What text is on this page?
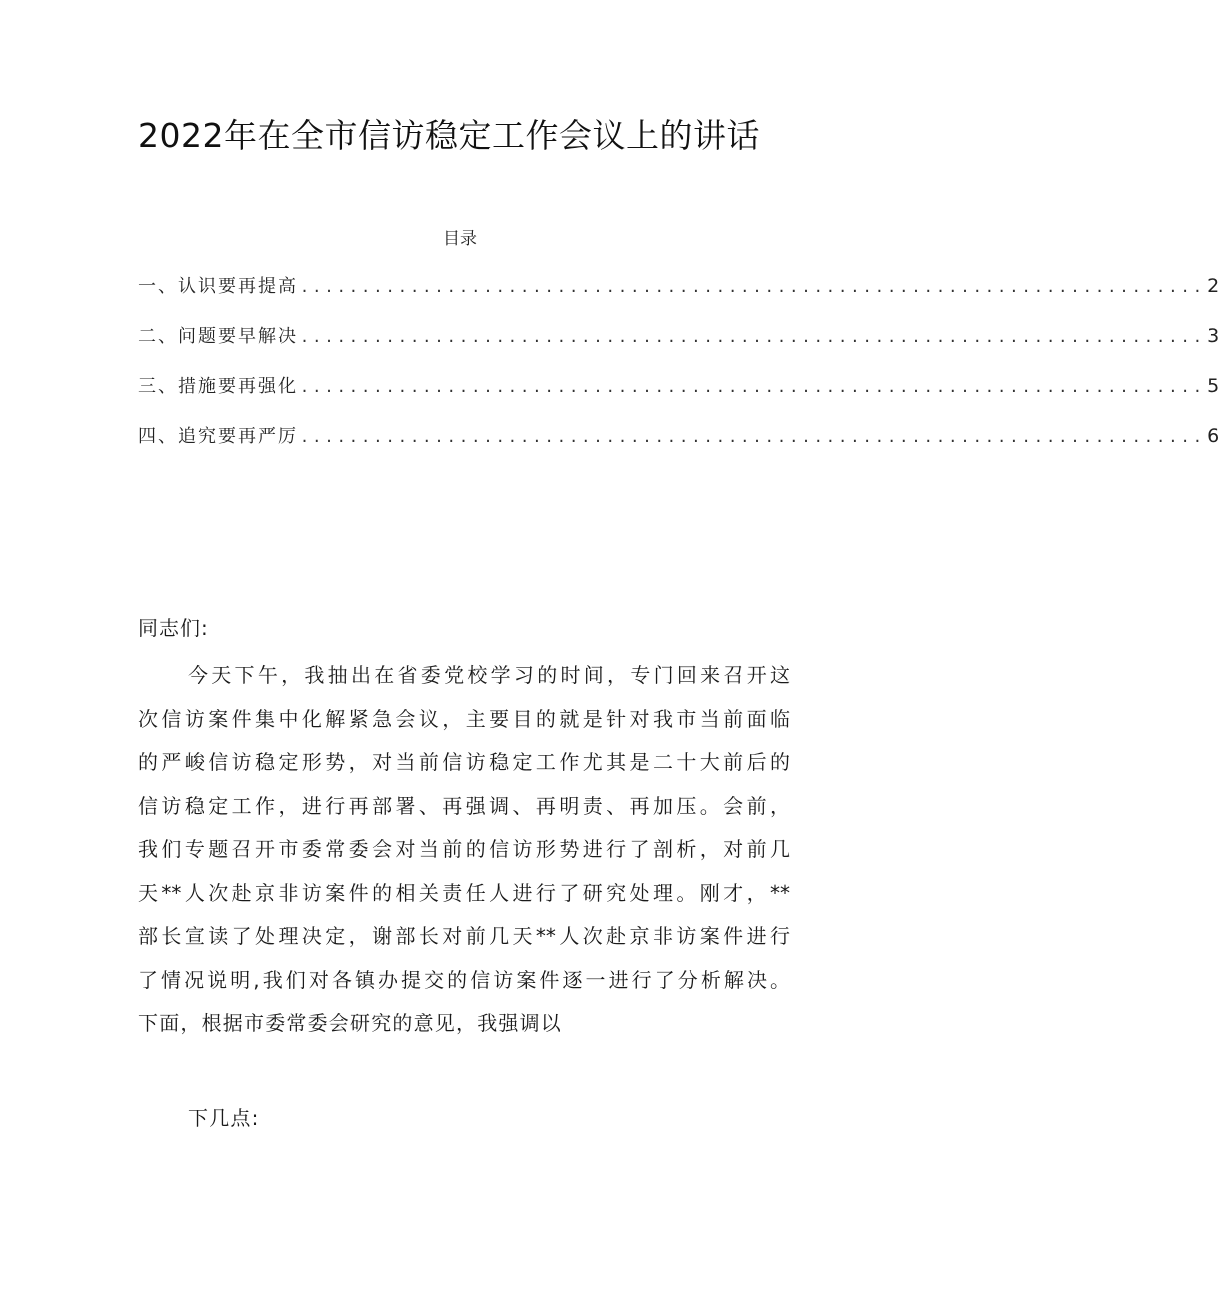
2022年在全市信访稳定工作会议上的讲话
目录
一、认识要再提高 .......................................................................... 2
二、问题要早解决 .......................................................................... 3
三、措施要再强化 .......................................................................... 5
四、追究要再严厉 .......................................................................... 6
同志们:
今天下午，我抽出在省委党校学习的时间，专门回来召开这
次信访案件集中化解紧急会议，主要目的就是针对我市当前面临
的严峻信访稳定形势，对当前信访稳定工作尤其是二十大前后的
信访稳定工作，进行再部署、再强调、再明责、再加压。会前，
我们专题召开市委常委会对当前的信访形势进行了剖析，对前几
天**人次赴京非访案件的相关责任人进行了研究处理。刚才，**
部长宣读了处理决定，谢部长对前几天**人次赴京非访案件进行
了情况说明,我们对各镇办提交的信访案件逐一进行了分析解决。
下面，根据市委常委会研究的意见，我强调以
下几点:
